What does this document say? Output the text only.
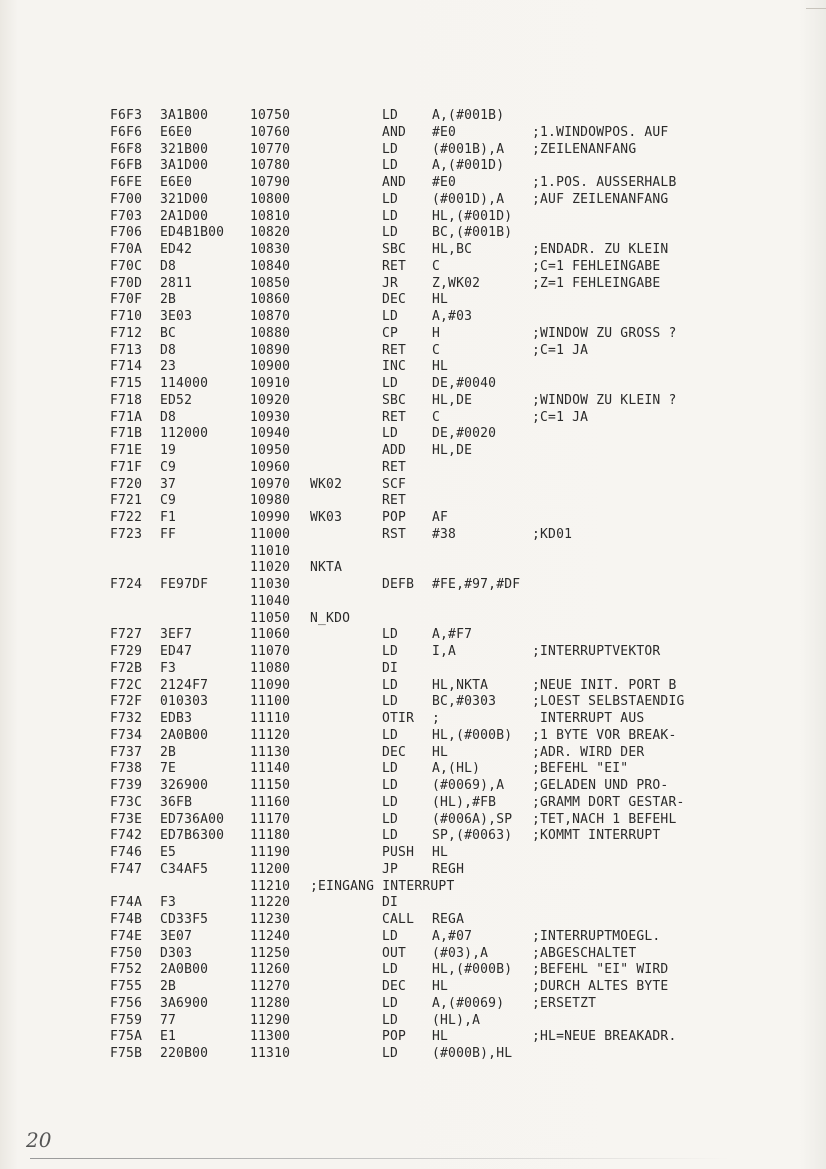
F6F3 3A1B00	10750	LD	A,(#001B)
F6F6 E6E0	10760	AND #E0	;1.WINDOWPOS. AUF
F6F8 321B00	10770	LD	(#001B),A ;ZEILENANFANG
F6FB 3A1D00	10780	LD	A,(#001D)
F6FE E6E0	10790	AND #E0	;1.POS. AUSSERHALB
F700 321D00	10800	LD	(#001D),A ;AUF ZEILENANFANG
F703 2A1D00	10810	LD	HL,(#001D)
F706 ED4B1B00 10820	LD	BC,(#001B)
F70A ED42	10830	SBC HL,BC	;ENDADR. ZU KLEIN
F70C D8	10840	RET C	;C=1 FEHLEINGABE
F70D 2811	10850	JR	Z,WK02	;Z=1 FEHLEINGABE
F70F 2B	10860	DEC HL
F710 3E03	10870	LD	A,#03
F712 BC	10880	CP	H	;WINDOW ZU GROSS ?
F713 D8	10890	RET C	;C=1 JA
F714 23	10900	INC HL
F715 114000	10910	LD	DE,#0040
F718 ED52	10920	SBC HL,DE	;WINDOW ZU KLEIN ?
F71A D8	10930	RET C	;C=1 JA
F71B 112000	10940	LD	DE,#0020
F71E 19	10950	ADD HL,DE
F71F C9	10960	RET
F720 37	10970 WK02	SCF
F721 C9	10980	RET
F722 F1	10990 WK03	POP AF
F723 FF	11000	RST #38	;KD01
11010
11020 NKTA
F724 FE97DF	11030	DEFB #FE,#97,#DF
11040
11050 N_KDO
F727 3EF7	11060	LD	A,#F7
F729 ED47	11070	LD	I,A	;INTERRUPTVEKTOR
F72B F3	11080	DI
F72C 2124F7	11090	LD	HL,NKTA	;NEUE INIT. PORT B
F72F 010303	11100	LD	BC,#0303	;LOEST SELBSTAENDIG
F732 EDB3	11110	OTIR ;	INTERRUPT AUS
F734 2A0B00	11120	LD	HL,(#000B) ;1 BYTE VOR BREAK-
F737 2B	11130	DEC HL	;ADR. WIRD DER
F738 7E	11140	LD	A,(HL)	;BEFEHL "EI"
F739 326900	11150	LD	(#0069),A ;GELADEN UND PRO-
F73C 36FB	11160	LD	(HL),#FB	;GRAMM DORT GESTAR-
F73E ED736A00 11170	LD	(#006A),SP ;TET,NACH 1 BEFEHL
F742 ED7B6300 11180	LD	SP,(#0063) ;KOMMT INTERRUPT
F746 E5	11190	PUSH HL
F747 C34AF5	11200	JP	REGH
11210 ;EINGANG INTERRUPT
F74A F3	11220	DI
F74B CD33F5	11230	CALL REGA
F74E 3E07	11240	LD	A,#07	;INTERRUPTMOEGL.
F750 D303	11250	OUT (#03),A	;ABGESCHALTET
F752 2A0B00	11260	LD	HL,(#000B) ;BEFEHL "EI" WIRD
F755 2B	11270	DEC HL	;DURCH ALTES BYTE
F756 3A6900	11280	LD	A,(#0069) ;ERSETZT
F759 77	11290	LD	(HL),A
F75A E1	11300	POP HL	;HL=NEUE BREAKADR.
F75B 220B00	11310	LD	(#000B),HL
20
